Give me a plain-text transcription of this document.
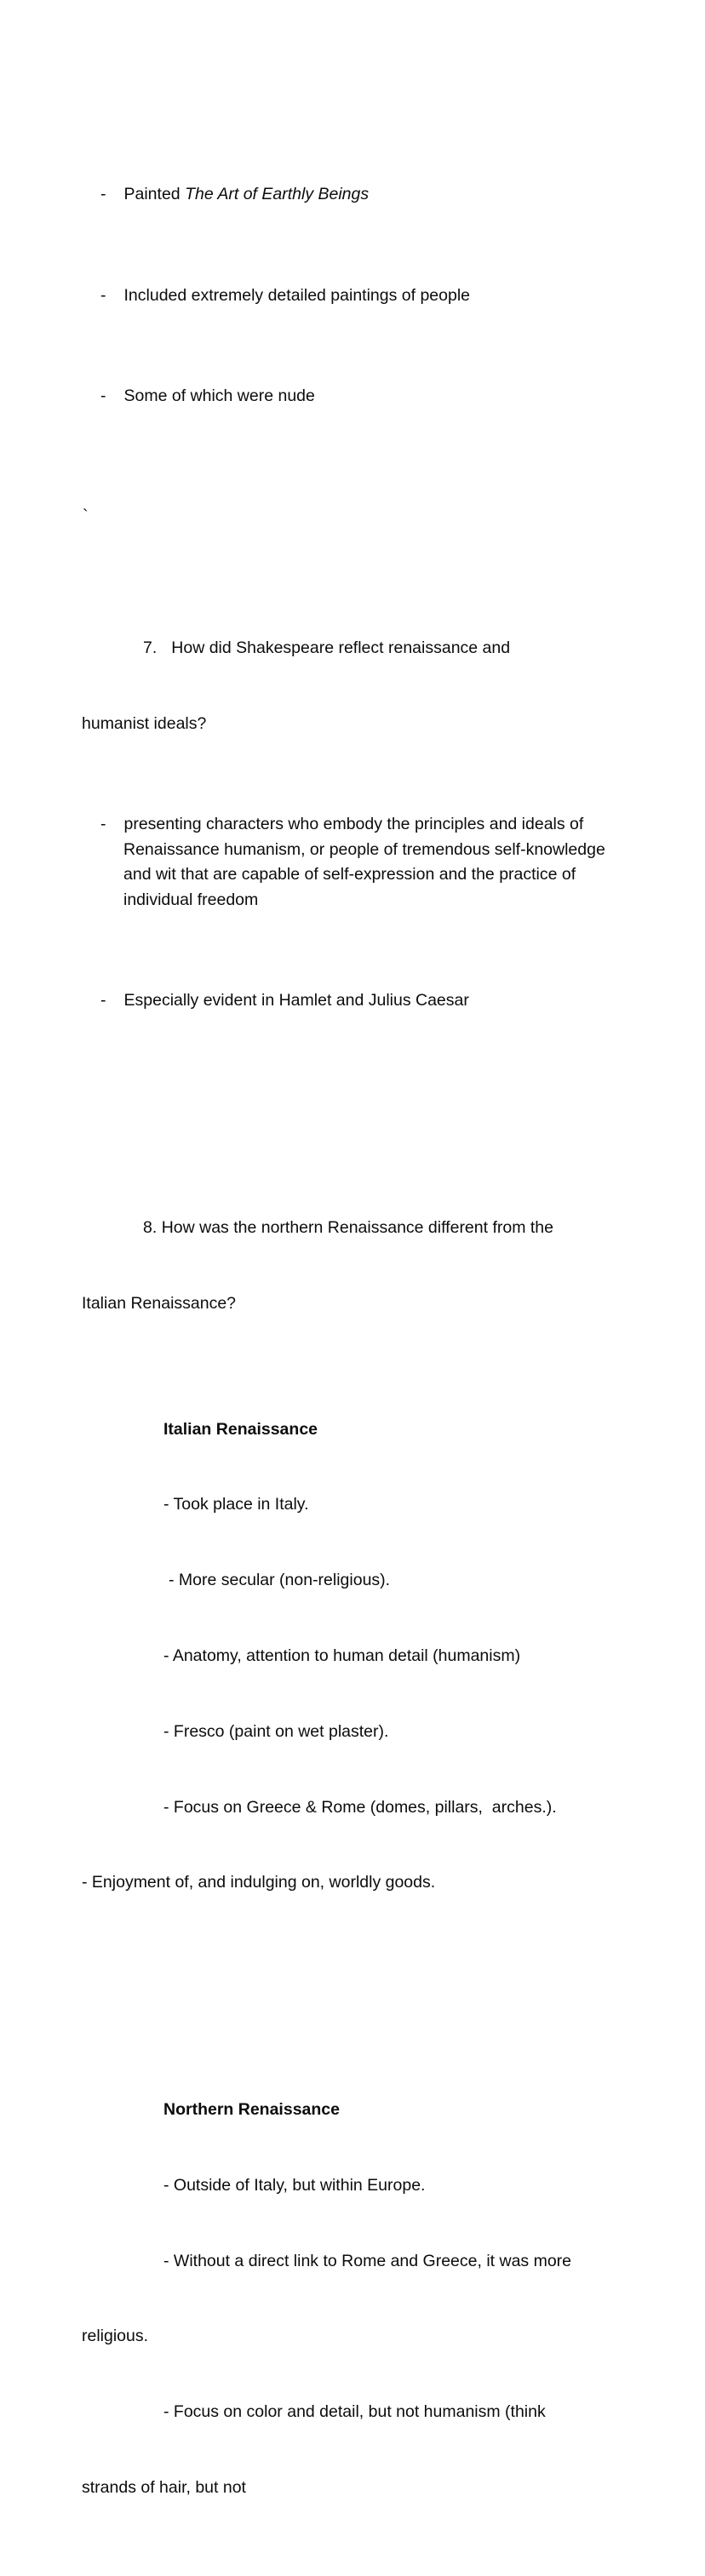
- Painted The Art of Earthly Beings

- Included extremely detailed paintings of people

- Some of which were nude

7. How did Shakespeare reflect renaissance and

humanist ideals?

- presenting characters who embody the principles and ideals of Renaissance humanism, or people of tremendous self-knowledge and wit that are capable of self-expression and the practice of individual freedom

- Especially evident in Hamlet and Julius Caesar

8. How was the northern Renaissance different from the

Italian Renaissance?

Italian Renaissance

- Took place in Italy.

- More secular (non-religious).

- Anatomy, attention to human detail (humanism)

- Fresco (paint on wet plaster).

- Focus on Greece & Rome (domes, pillars,  arches.).

- Enjoyment of, and indulging on, worldly goods.

Northern Renaissance

- Outside of Italy, but within Europe.

- Without a direct link to Rome and Greece, it was more

religious.

- Focus on color and detail, but not humanism (think

strands of hair, but not

`
